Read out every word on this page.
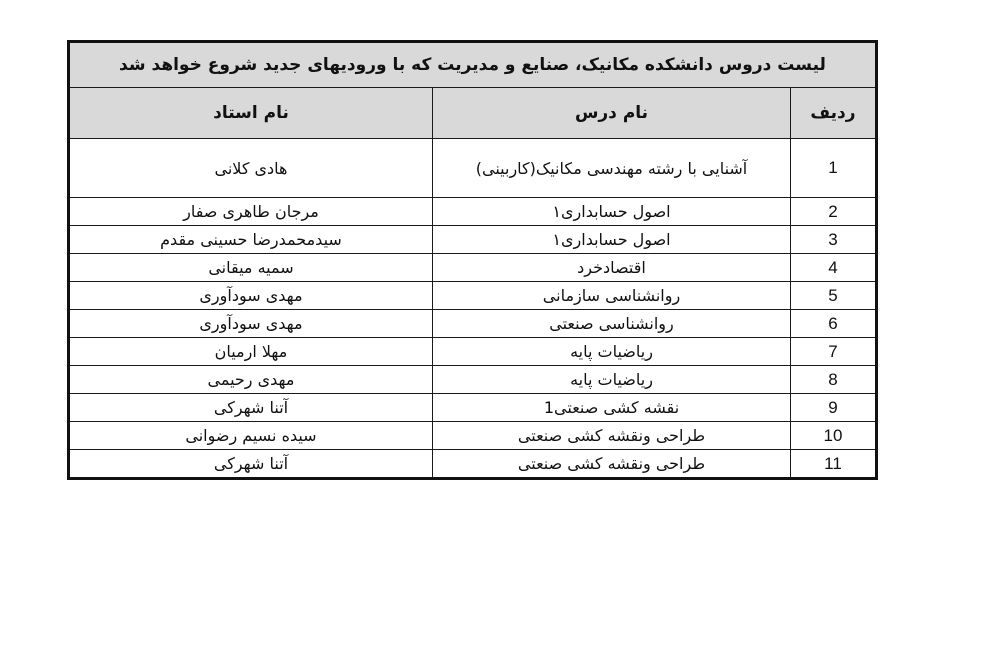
لیست دروس دانشکده مکانیک، صنایع و مدیریت که با ورودیهای جدید شروع خواهد شد		
ردیف	نام درس	نام استاد
1	آشنایی با رشته مهندسی مکانیک(کاربینی)	هادی کلانی
2	اصول حسابداری۱	مرجان طاهری صفار
3	اصول حسابداری۱	سیدمحمدرضا حسینی مقدم
4	اقتصادخرد	سمیه میقانی
5	روانشناسی سازمانی	مهدی سودآوری
6	روانشناسی صنعتی	مهدی سودآوری
7	ریاضیات پایه	مهلا ارمیان
8	ریاضیات پایه	مهدی رحیمی
9	نقشه کشی صنعتی1	آتنا شهرکی
10	طراحی ونقشه کشی صنعتی	سیده نسیم رضوانی
11	طراحی ونقشه کشی صنعتی	آتنا شهرکی
